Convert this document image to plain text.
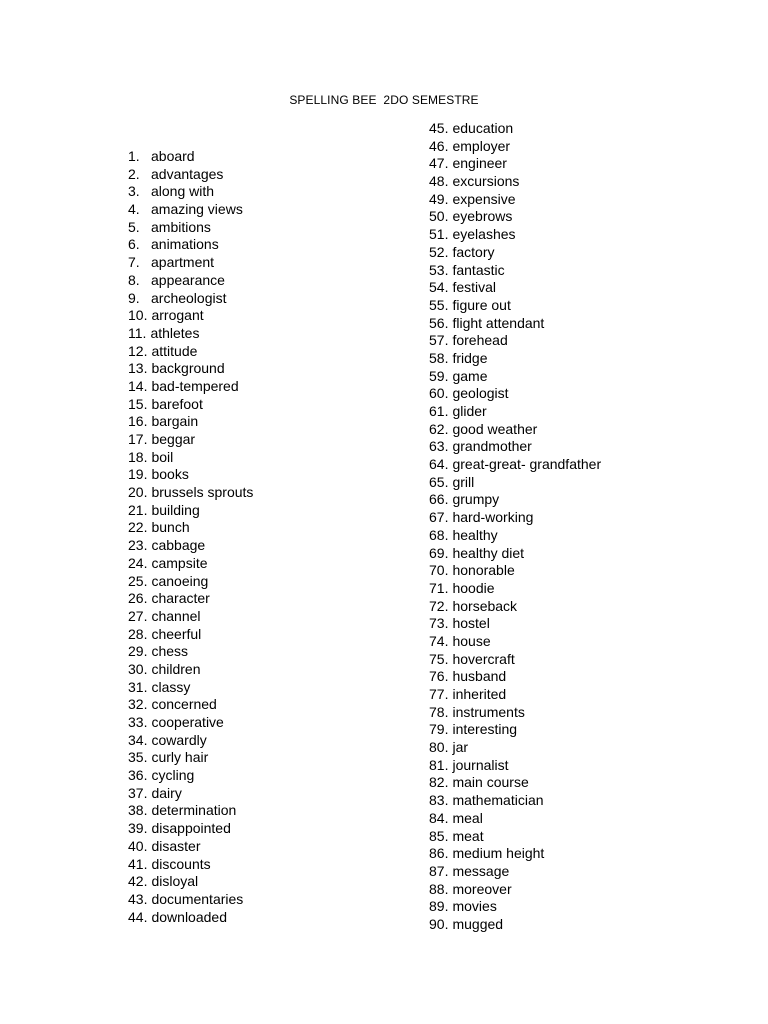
SPELLING BEE  2DO SEMESTRE
1. aboard
2. advantages
3. along with
4. amazing views
5. ambitions
6. animations
7. apartment
8. appearance
9. archeologist
10. arrogant
11. athletes
12. attitude
13. background
14. bad-tempered
15. barefoot
16. bargain
17. beggar
18. boil
19. books
20. brussels sprouts
21. building
22. bunch
23. cabbage
24. campsite
25. canoeing
26. character
27. channel
28. cheerful
29. chess
30. children
31. classy
32. concerned
33. cooperative
34. cowardly
35. curly hair
36. cycling
37. dairy
38. determination
39. disappointed
40. disaster
41. discounts
42. disloyal
43. documentaries
44. downloaded
45. education
46. employer
47. engineer
48. excursions
49. expensive
50. eyebrows
51. eyelashes
52. factory
53. fantastic
54. festival
55. figure out
56. flight attendant
57. forehead
58. fridge
59. game
60. geologist
61. glider
62. good weather
63. grandmother
64. great-great- grandfather
65. grill
66. grumpy
67. hard-working
68. healthy
69. healthy diet
70. honorable
71. hoodie
72. horseback
73. hostel
74. house
75. hovercraft
76. husband
77. inherited
78. instruments
79. interesting
80. jar
81. journalist
82. main course
83. mathematician
84. meal
85. meat
86. medium height
87. message
88. moreover
89. movies
90. mugged
